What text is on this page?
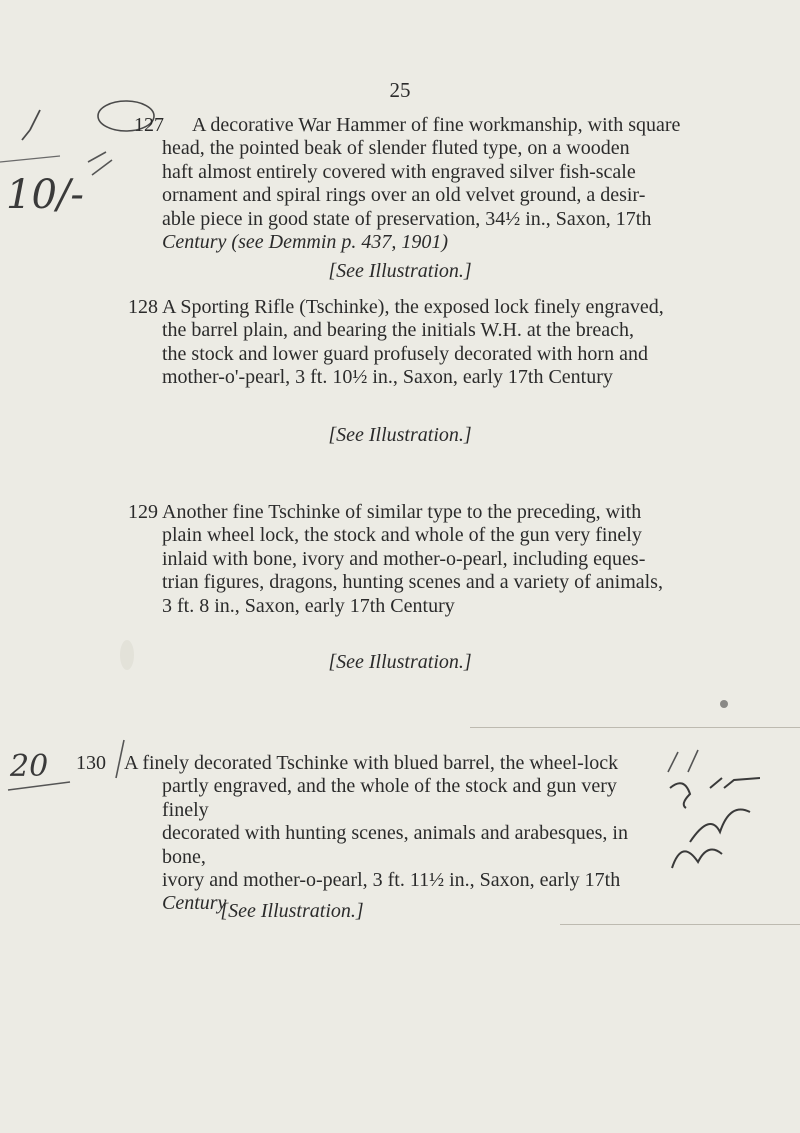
25
10/-
127 A decorative War Hammer of fine workmanship, with square
head, the pointed beak of slender fluted type, on a wooden
haft almost entirely covered with engraved silver fish-scale
ornament and spiral rings over an old velvet ground, a desir-
able piece in good state of preservation, 34½ in., Saxon, 17th
Century (see Demmin p. 437, 1901)
[See Illustration.]
128 A Sporting Rifle (Tschinke), the exposed lock finely engraved,
the barrel plain, and bearing the initials W.H. at the breach,
the stock and lower guard profusely decorated with horn and
mother-o'-pearl, 3 ft. 10½ in., Saxon, early 17th Century
[See Illustration.]
129 Another fine Tschinke of similar type to the preceding, with
plain wheel lock, the stock and whole of the gun very finely
inlaid with bone, ivory and mother-o-pearl, including eques-
trian figures, dragons, hunting scenes and a variety of animals,
3 ft. 8 in., Saxon, early 17th Century
[See Illustration.]
20 130 A finely decorated Tschinke with blued barrel, the wheel-lock
partly engraved, and the whole of the stock and gun very finely
decorated with hunting scenes, animals and arabesques, in bone,
ivory and mother-o-pearl, 3 ft. 11½ in., Saxon, early 17th
Century
[See Illustration.]
